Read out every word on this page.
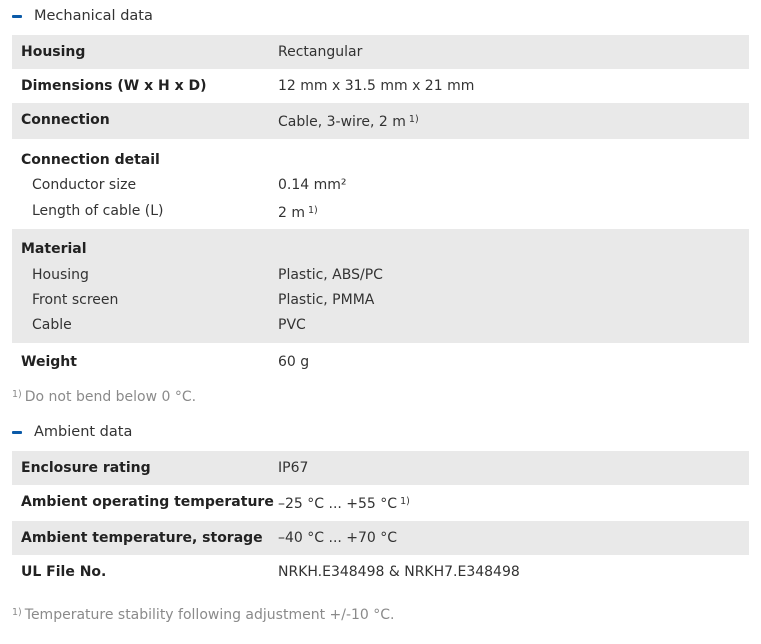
Mechanical data
Housing	Rectangular
Dimensions (W x H x D)	12 mm x 31.5 mm x 21 mm
Connection	Cable, 3-wire, 2 m $^{1)}$
Connection detail
Conductor size	0.14 mm²
Length of cable (L)	2 m $^{1)}$
Material
Housing	Plastic, ABS/PC
Front screen	Plastic, PMMA
Cable	PVC
Weight	60 g
$^{1)}$ Do not bend below 0 °C.
Ambient data
Enclosure rating	IP67
Ambient operating temperature –25 °C ... +55 °C $^{1)}$
Ambient temperature, storage	–40 °C ... +70 °C
UL File No.	NRKH.E348498 & NRKH7.E348498
$^{1)}$ Temperature stability following adjustment +/-10 °C.
